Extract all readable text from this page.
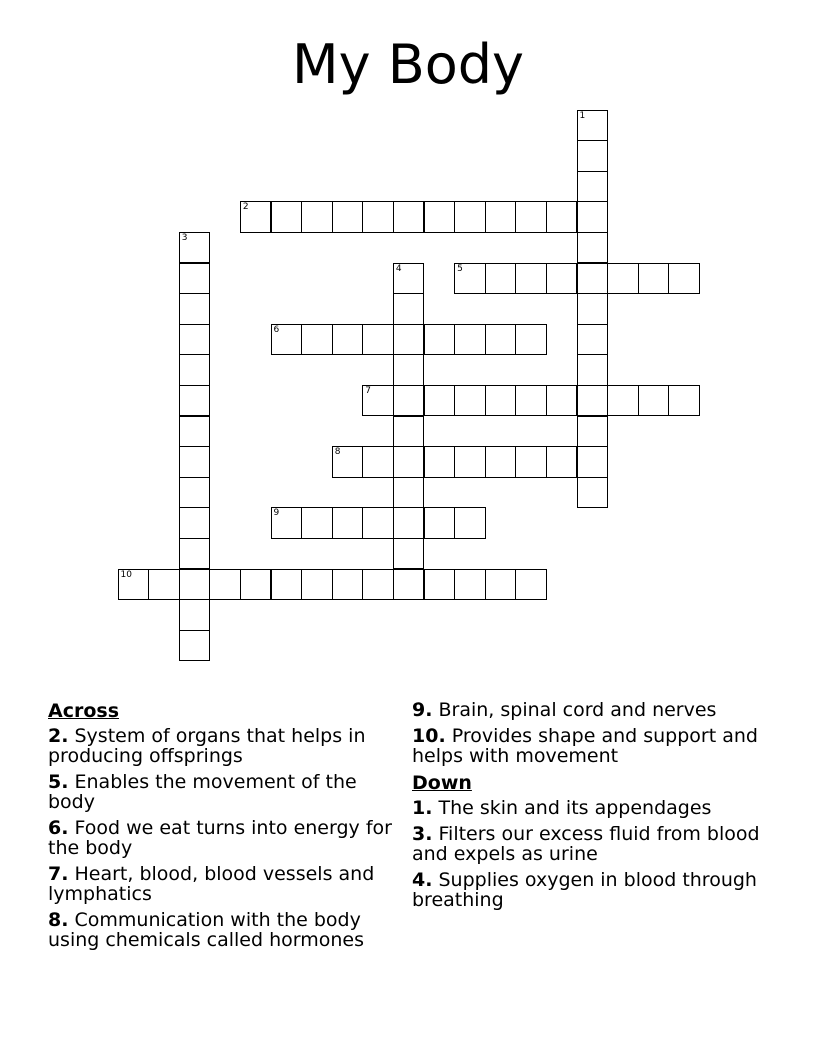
My Body
1
2
3
4	5
6
7
8
9
10
Across
2. System of organs that helps in producing offsprings
5. Enables the movement of the body
6. Food we eat turns into energy for the body
7. Heart, blood, blood vessels and lymphatics
8. Communication with the body using chemicals called hormones
9. Brain, spinal cord and nerves
10. Provides shape and support and helps with movement
Down
1. The skin and its appendages
3. Filters our excess fluid from blood and expels as urine
4. Supplies oxygen in blood through breathing
